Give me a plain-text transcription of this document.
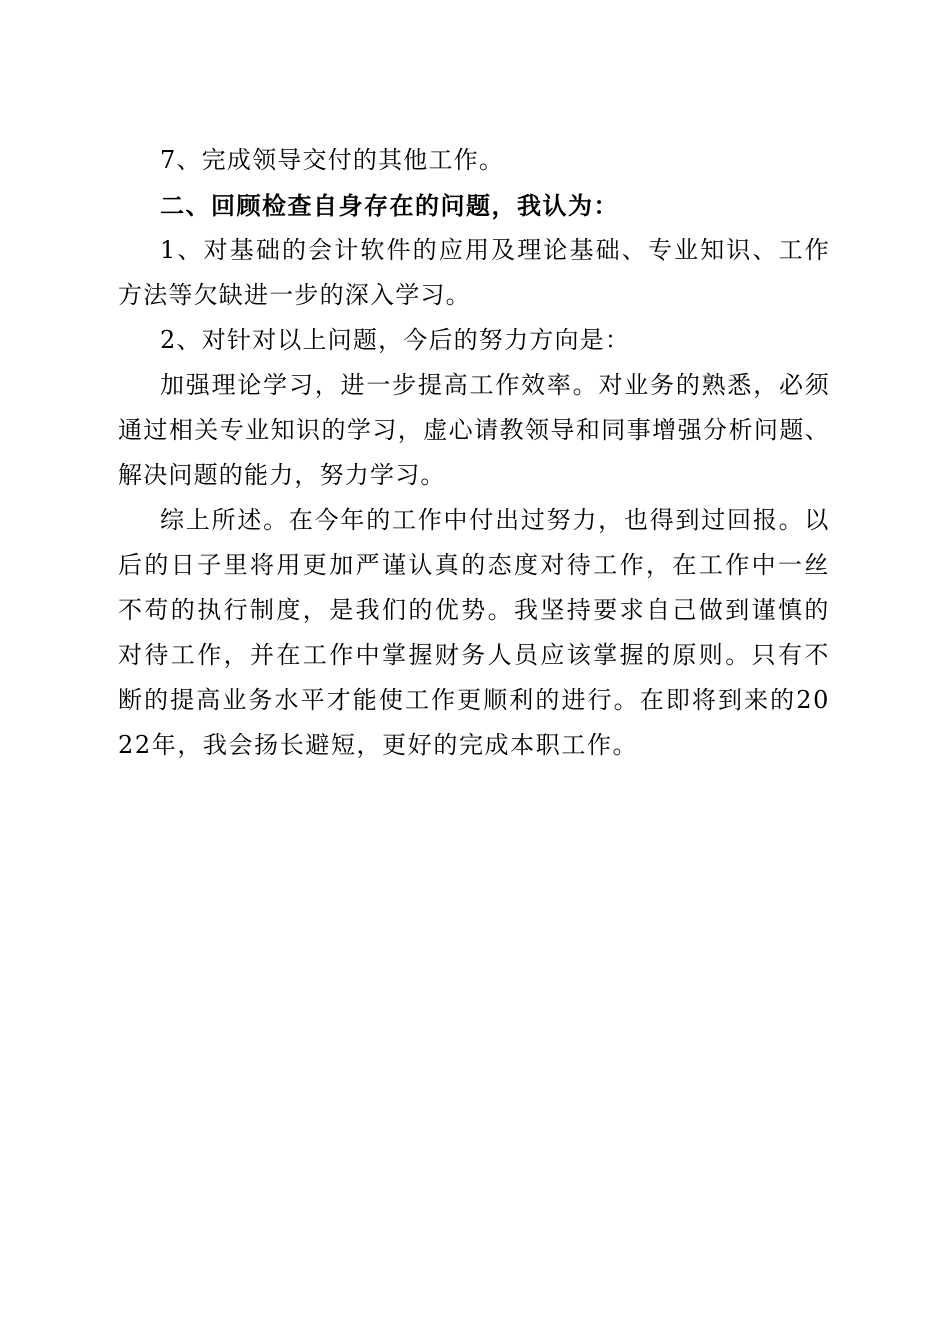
7、完成领导交付的其他工作。

二、回顾检查自身存在的问题，我认为：

1、对基础的会计软件的应用及理论基础、专业知识、工作方法等欠缺进一步的深入学习。

2、对针对以上问题，今后的努力方向是：

加强理论学习，进一步提高工作效率。对业务的熟悉，必须通过相关专业知识的学习，虚心请教领导和同事增强分析问题、解决问题的能力，努力学习。

综上所述。在今年的工作中付出过努力，也得到过回报。以后的日子里将用更加严谨认真的态度对待工作，在工作中一丝不苟的执行制度，是我们的优势。我坚持要求自己做到谨慎的对待工作，并在工作中掌握财务人员应该掌握的原则。只有不断的提高业务水平才能使工作更顺利的进行。在即将到来的2022年，我会扬长避短，更好的完成本职工作。
